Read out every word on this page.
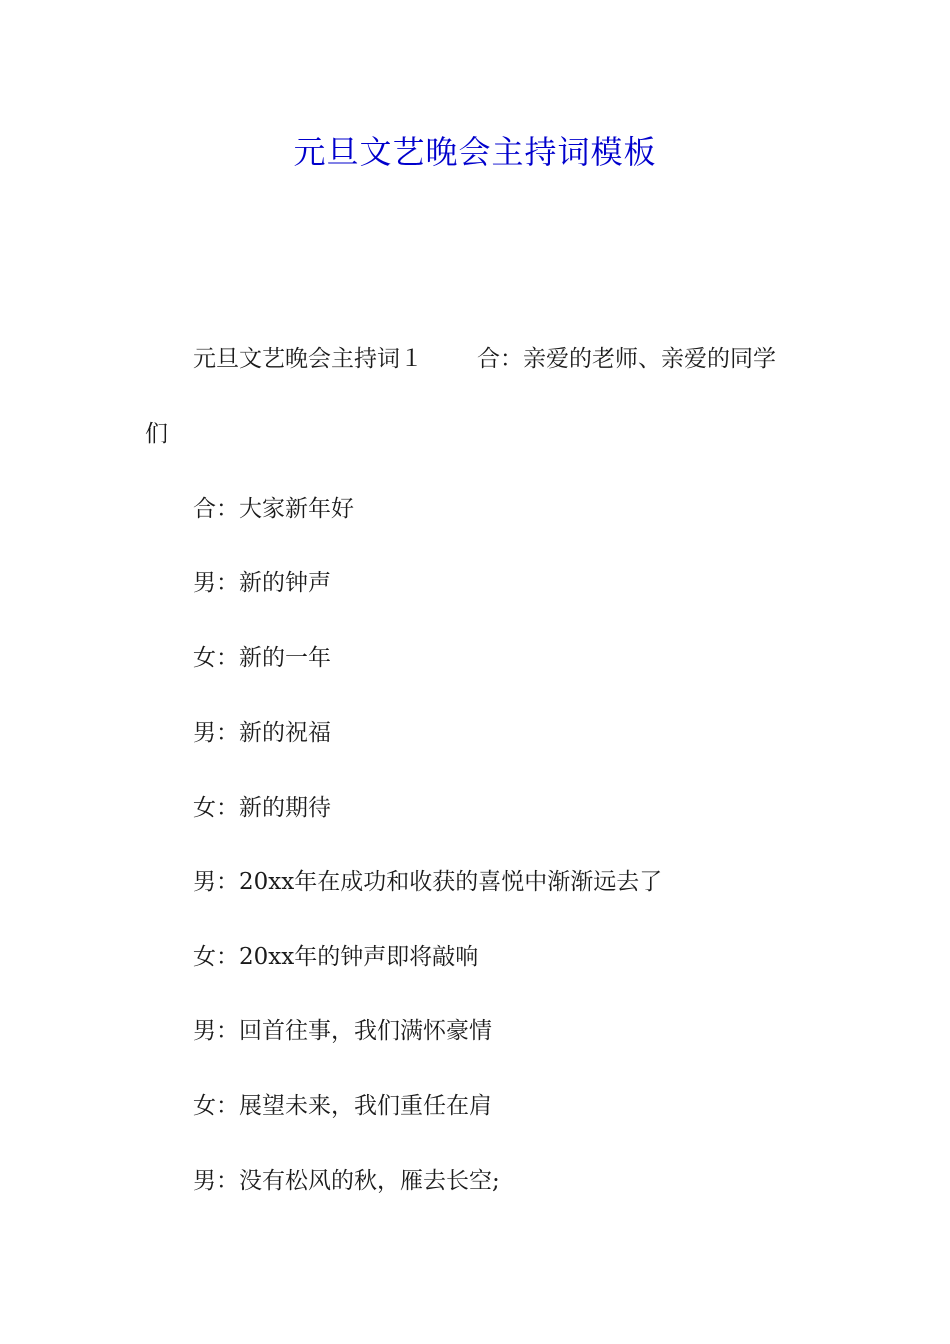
元旦文艺晚会主持词模板
元旦文艺晚会主持词１ 合：亲爱的老师、亲爱的同学
们
合：大家新年好
男：新的钟声
女：新的一年
男：新的祝福
女：新的期待
男：20xx年在成功和收获的喜悦中渐渐远去了
女：20xx年的钟声即将敲响
男：回首往事，我们满怀豪情
女：展望未来，我们重任在肩
男：没有松风的秋，雁去长空;
